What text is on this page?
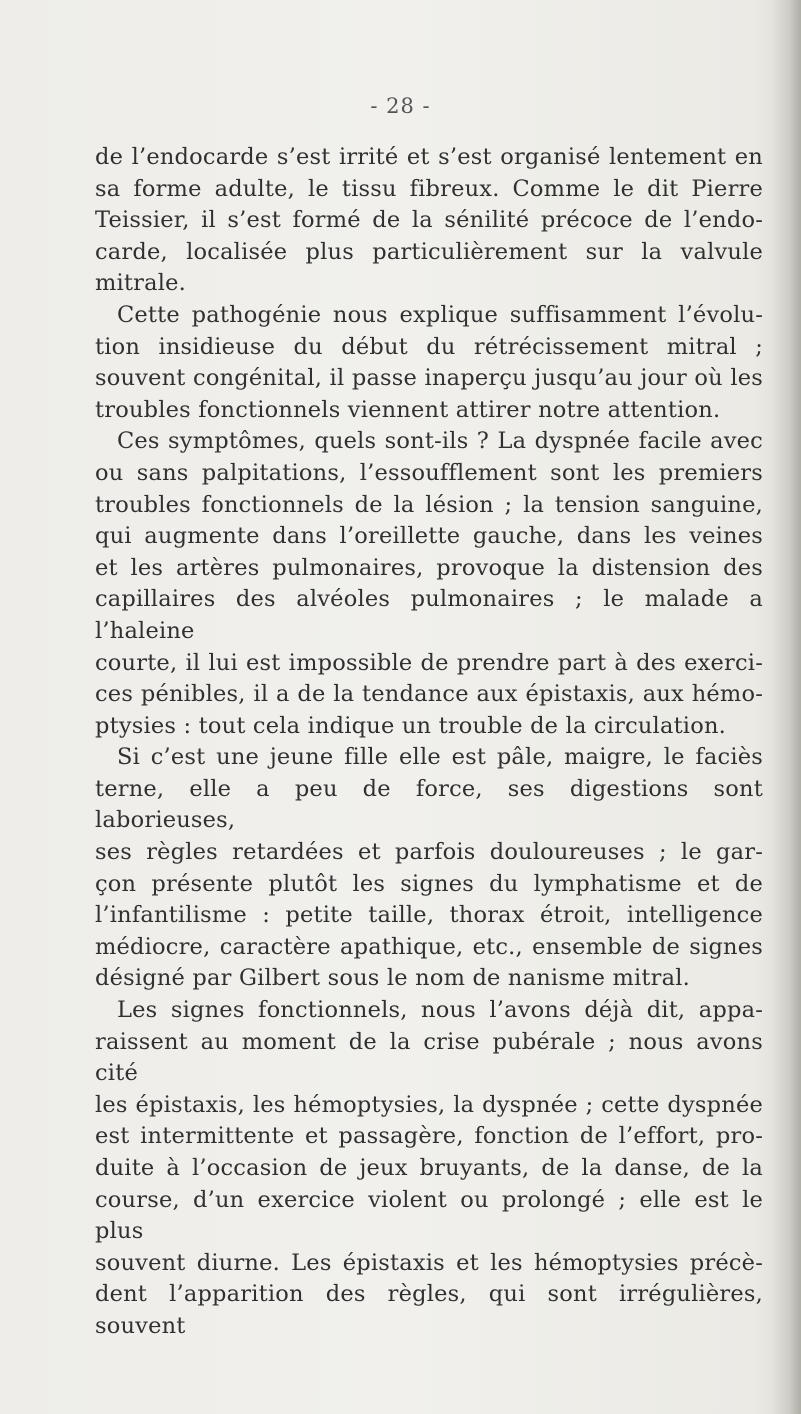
- 28 -

de l’endocarde s’est irrité et s’est organisé lentement en

sa forme adulte, le tissu fibreux. Comme le dit Pierre

Teissier, il s’est formé de la sénilité précoce de l’endo-

carde, localisée plus particulièrement sur la valvule

mitrale.

Cette pathogénie nous explique suffisamment l’évolu-

tion insidieuse du début du rétrécissement mitral ;

souvent congénital, il passe inaperçu jusqu’au jour où les

troubles fonctionnels viennent attirer notre attention.

Ces symptômes, quels sont-ils ? La dyspnée facile avec

ou sans palpitations, l’essoufflement sont les premiers

troubles fonctionnels de la lésion ; la tension sanguine,

qui augmente dans l’oreillette gauche, dans les veines

et les artères pulmonaires, provoque la distension des

capillaires des alvéoles pulmonaires ; le malade a l’haleine

courte, il lui est impossible de prendre part à des exerci-

ces pénibles, il a de la tendance aux épistaxis, aux hémo-

ptysies : tout cela indique un trouble de la circulation.

Si c’est une jeune fille elle est pâle, maigre, le faciès

terne, elle a peu de force, ses digestions sont laborieuses,

ses règles retardées et parfois douloureuses ; le gar-

çon présente plutôt les signes du lymphatisme et de

l’infantilisme : petite taille, thorax étroit, intelligence

médiocre, caractère apathique, etc., ensemble de signes

désigné par Gilbert sous le nom de nanisme mitral.

Les signes fonctionnels, nous l’avons déjà dit, appa-

raissent au moment de la crise pubérale ; nous avons cité

les épistaxis, les hémoptysies, la dyspnée ; cette dyspnée

est intermittente et passagère, fonction de l’effort, pro-

duite à l’occasion de jeux bruyants, de la danse, de la

course, d’un exercice violent ou prolongé ; elle est le plus

souvent diurne. Les épistaxis et les hémoptysies précè-

dent l’apparition des règles, qui sont irrégulières, souvent
